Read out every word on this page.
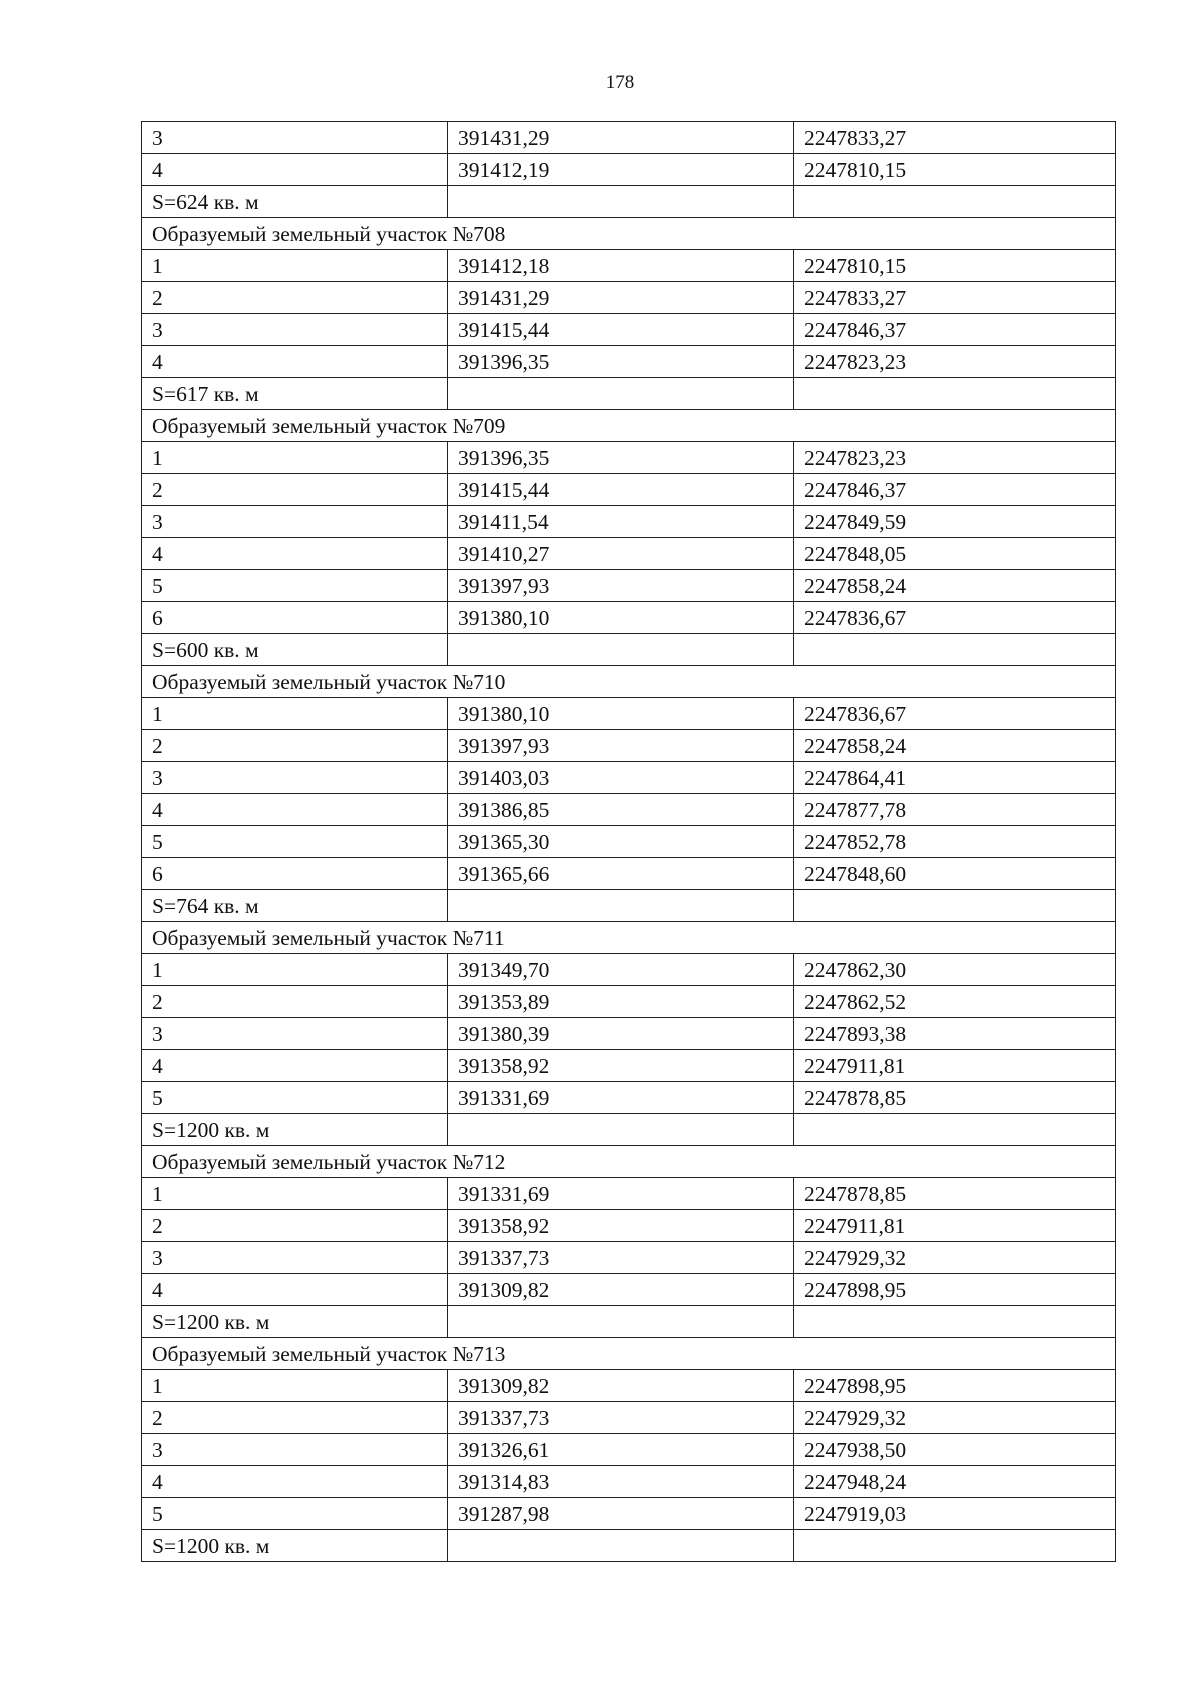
178
3	391431,29	2247833,27
4	391412,19	2247810,15
S=624 кв. м		
Образуемый земельный участок №708		
1	391412,18	2247810,15
2	391431,29	2247833,27
3	391415,44	2247846,37
4	391396,35	2247823,23
S=617 кв. м		
Образуемый земельный участок №709		
1	391396,35	2247823,23
2	391415,44	2247846,37
3	391411,54	2247849,59
4	391410,27	2247848,05
5	391397,93	2247858,24
6	391380,10	2247836,67
S=600 кв. м		
Образуемый земельный участок №710		
1	391380,10	2247836,67
2	391397,93	2247858,24
3	391403,03	2247864,41
4	391386,85	2247877,78
5	391365,30	2247852,78
6	391365,66	2247848,60
S=764 кв. м		
Образуемый земельный участок №711		
1	391349,70	2247862,30
2	391353,89	2247862,52
3	391380,39	2247893,38
4	391358,92	2247911,81
5	391331,69	2247878,85
S=1200 кв. м		
Образуемый земельный участок №712		
1	391331,69	2247878,85
2	391358,92	2247911,81
3	391337,73	2247929,32
4	391309,82	2247898,95
S=1200 кв. м		
Образуемый земельный участок №713		
1	391309,82	2247898,95
2	391337,73	2247929,32
3	391326,61	2247938,50
4	391314,83	2247948,24
5	391287,98	2247919,03
S=1200 кв. м		
